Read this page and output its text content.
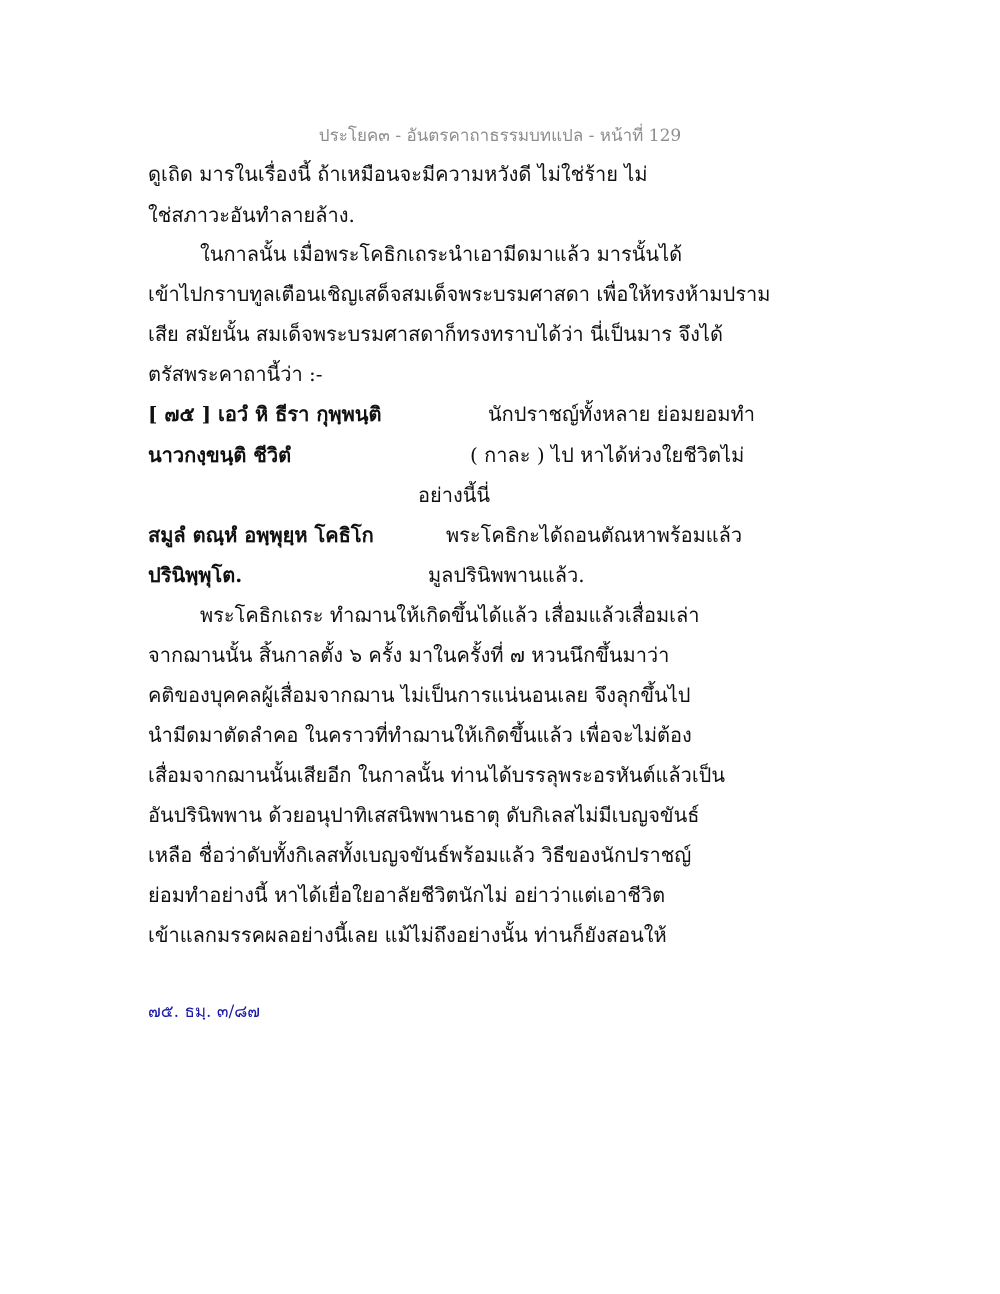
ประโยค๓ - อันตรคาถาธรรมบทแปล - หน้าที่ 129
ดูเถิด มารในเรื่องนี้ ถ้าเหมือนจะมีความหวังดี ไม่ใช่ร้าย ไม่
ใช่สภาวะอันทำลายล้าง.
ในกาลนั้น เมื่อพระโคธิกเถระนำเอามีดมาแล้ว มารนั้นได้
เข้าไปกราบทูลเตือนเชิญเสด็จสมเด็จพระบรมศาสดา เพื่อให้ทรงห้ามปราม
เสีย สมัยนั้น สมเด็จพระบรมศาสดาก็ทรงทราบได้ว่า นี่เป็นมาร จึงได้
ตรัสพระคาถานี้ว่า :-
[ ๗๕ ] เอวํ หิ ธีรา กุพฺพนฺติ	นักปราชญ์ทั้งหลาย ย่อมยอมทำ
นาวกงฺขนฺติ ชีวิตํ	( กาละ ) ไป หาได้ห่วงใยชีวิตไม่
อย่างนี้นี่
สมูลํ ตณฺหํ อพฺพุยฺห โคธิโก	พระโคธิกะได้ถอนตัณหาพร้อมแล้ว
ปรินิพฺพุโต.	มูลปรินิพพานแล้ว.
พระโคธิกเถระ ทำฌานให้เกิดขึ้นได้แล้ว เสื่อมแล้วเสื่อมเล่า
จากฌานนั้น สิ้นกาลตั้ง ๖ ครั้ง มาในครั้งที่ ๗ หวนนึกขึ้นมาว่า
คติของบุคคลผู้เสื่อมจากฌาน ไม่เป็นการแน่นอนเลย จึงลุกขึ้นไป
นำมีดมาตัดลำคอ ในคราวที่ทำฌานให้เกิดขึ้นแล้ว เพื่อจะไม่ต้อง
เสื่อมจากฌานนั้นเสียอีก ในกาลนั้น ท่านได้บรรลุพระอรหันต์แล้วเป็น
อันปรินิพพาน ด้วยอนุปาทิเสสนิพพานธาตุ ดับกิเลสไม่มีเบญจขันธ์
เหลือ ชื่อว่าดับทั้งกิเลสทั้งเบญจขันธ์พร้อมแล้ว วิธีของนักปราชญ์
ย่อมทำอย่างนี้ หาได้เยื่อใยอาลัยชีวิตนักไม่ อย่าว่าแต่เอาชีวิต
เข้าแลกมรรคผลอย่างนี้เลย แม้ไม่ถึงอย่างนั้น ท่านก็ยังสอนให้
๗๕. ธมฺ. ๓/๘๗
